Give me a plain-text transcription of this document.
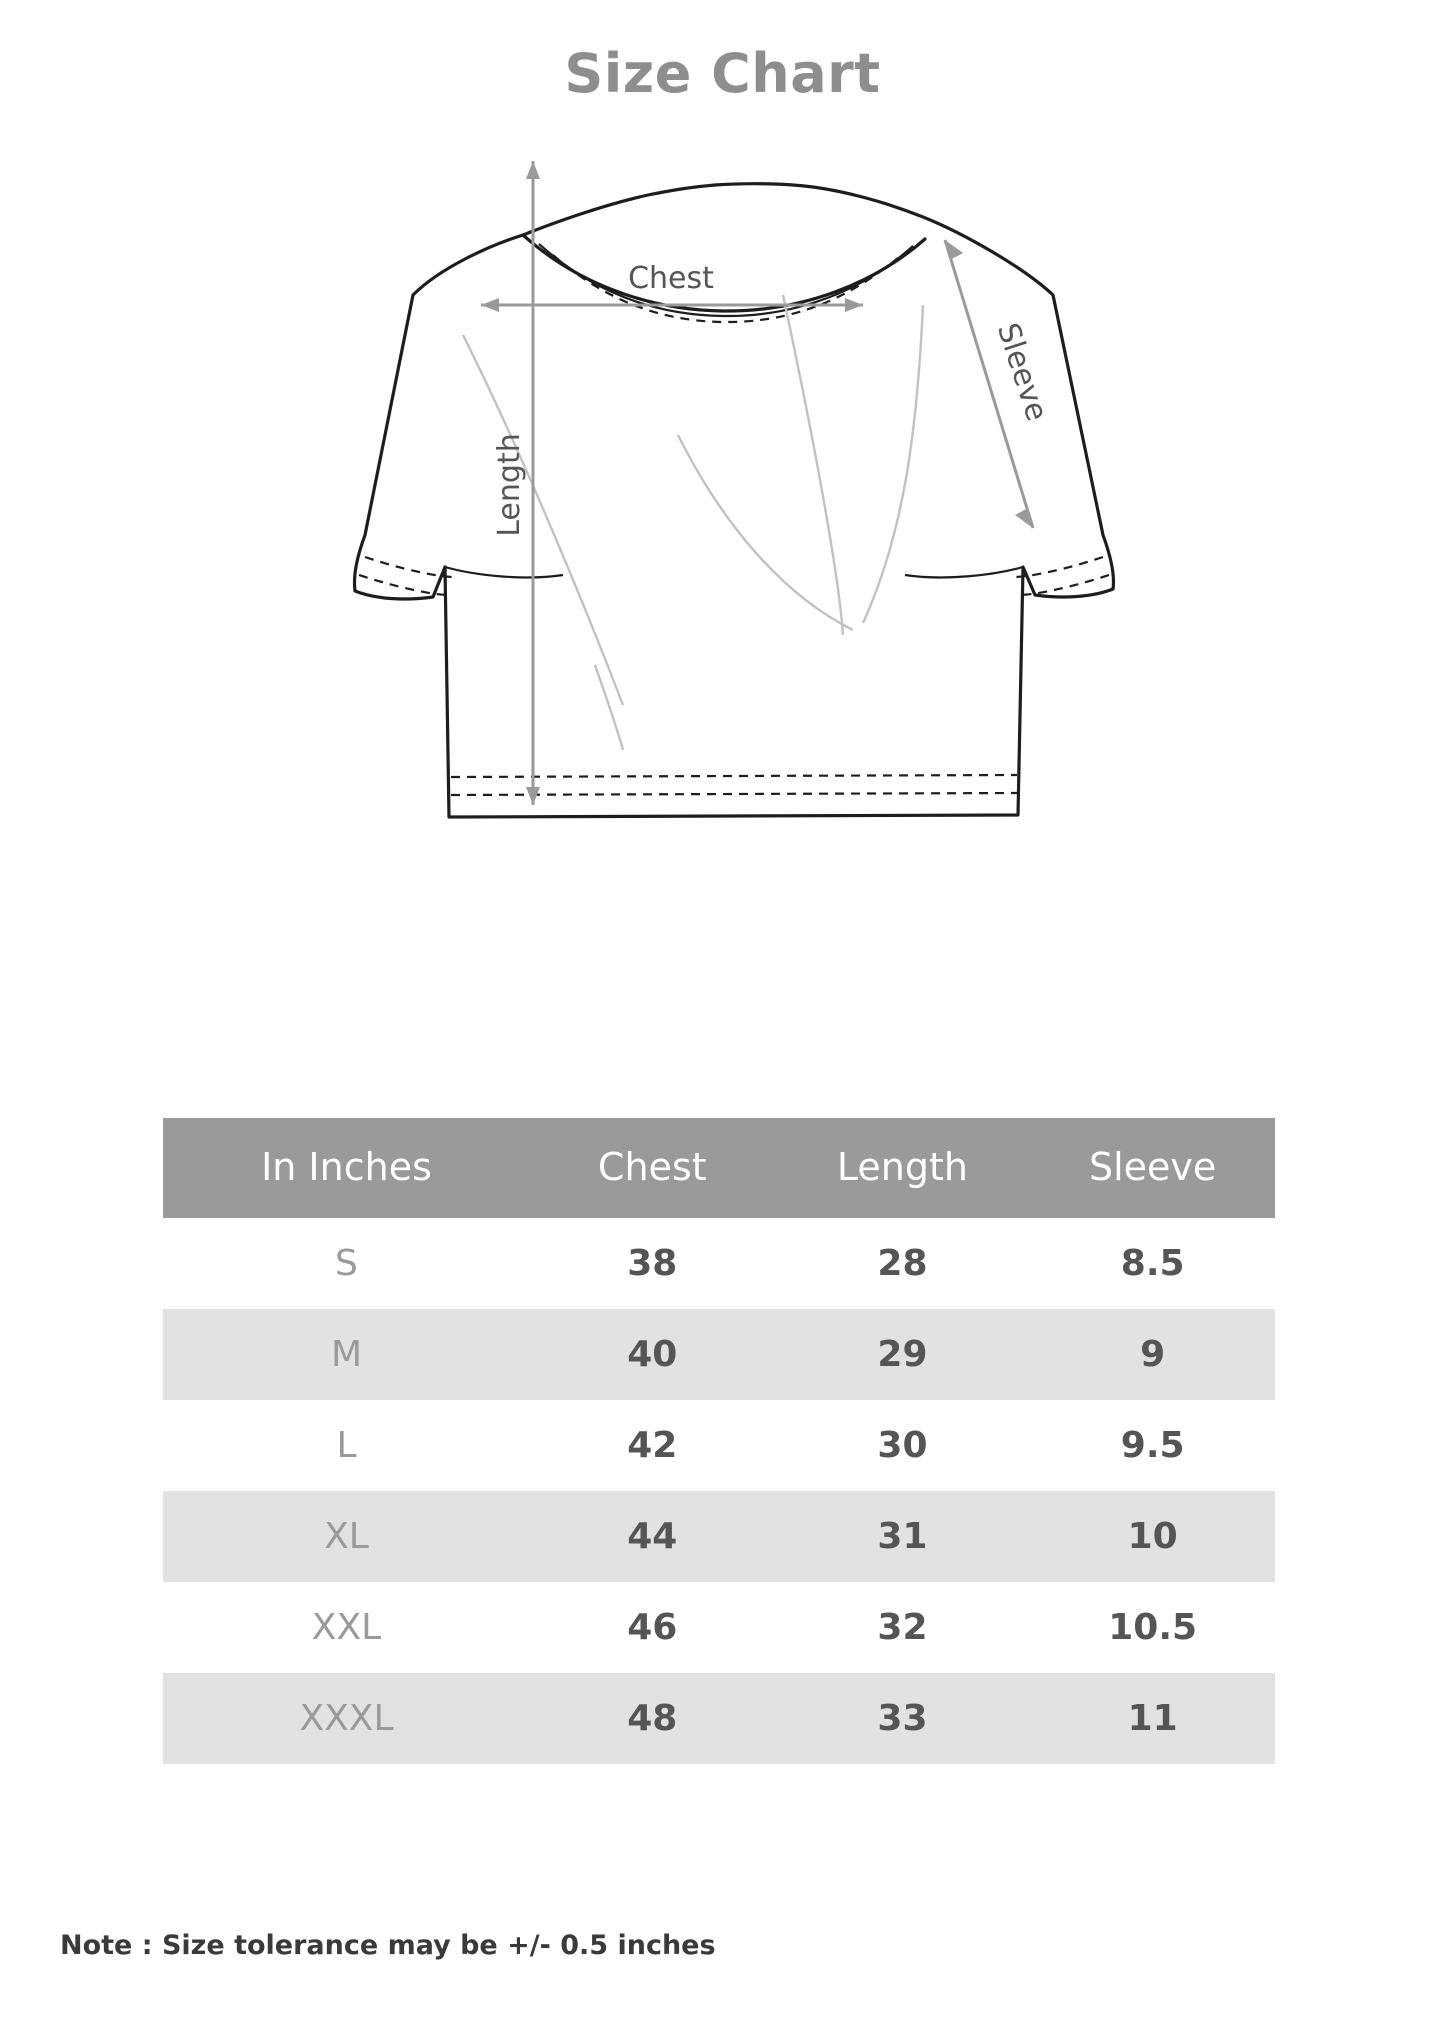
Size Chart
Chest
Length
Sleeve
In Inches	Chest	Length	Sleeve
S	38	28	8.5
M	40	29	9
L	42	30	9.5
XL	44	31	10
XXL	46	32	10.5
XXXL	48	33	11
Note : Size tolerance may be +/- 0.5 inches
